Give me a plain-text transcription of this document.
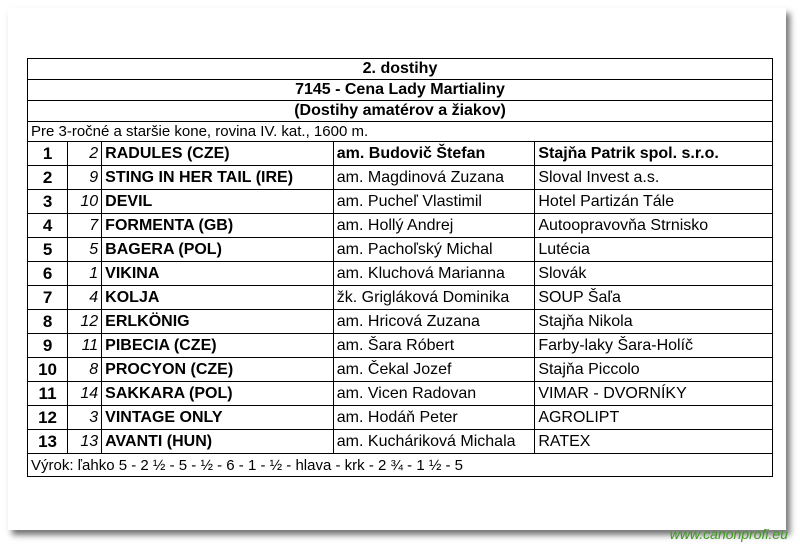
2. dostihy				
7145 - Cena Lady Martialiny				
(Dostihy amatérov a žiakov)				
Pre 3-ročné a staršie kone, rovina IV. kat., 1600 m.				
1	2	RADULES (CZE)	am. Budovič Štefan	Stajňa Patrik spol. s.r.o.
2	9	STING IN HER TAIL (IRE)	am. Magdinová Zuzana	Sloval Invest a.s.
3	10	DEVIL	am. Pucheľ Vlastimil	Hotel Partizán Tále
4	7	FORMENTA (GB)	am. Hollý Andrej	Autoopravovňa Strnisko
5	5	BAGERA (POL)	am. Pachoľský Michal	Lutécia
6	1	VIKINA	am. Kluchová Marianna	Slovák
7	4	KOLJA	žk. Grigláková Dominika	SOUP Šaľa
8	12	ERLKÖNIG	am. Hricová Zuzana	Stajňa Nikola
9	11	PIBECIA (CZE)	am. Šara Róbert	Farby-laky Šara-Holíč
10	8	PROCYON (CZE)	am. Čekal Jozef	Stajňa Piccolo
11	14	SAKKARA (POL)	am. Vicen Radovan	VIMAR - DVORNÍKY
12	3	VINTAGE ONLY	am. Hodáň Peter	AGROLIPT
13	13	AVANTI (HUN)	am. Kucháriková Michala	RATEX
Výrok: ľahko 5 - 2 ½ - 5 - ½ - 6 - 1 - ½ - hlava - krk - 2 ¾ - 1 ½ - 5				
www.canonprofi.eu
